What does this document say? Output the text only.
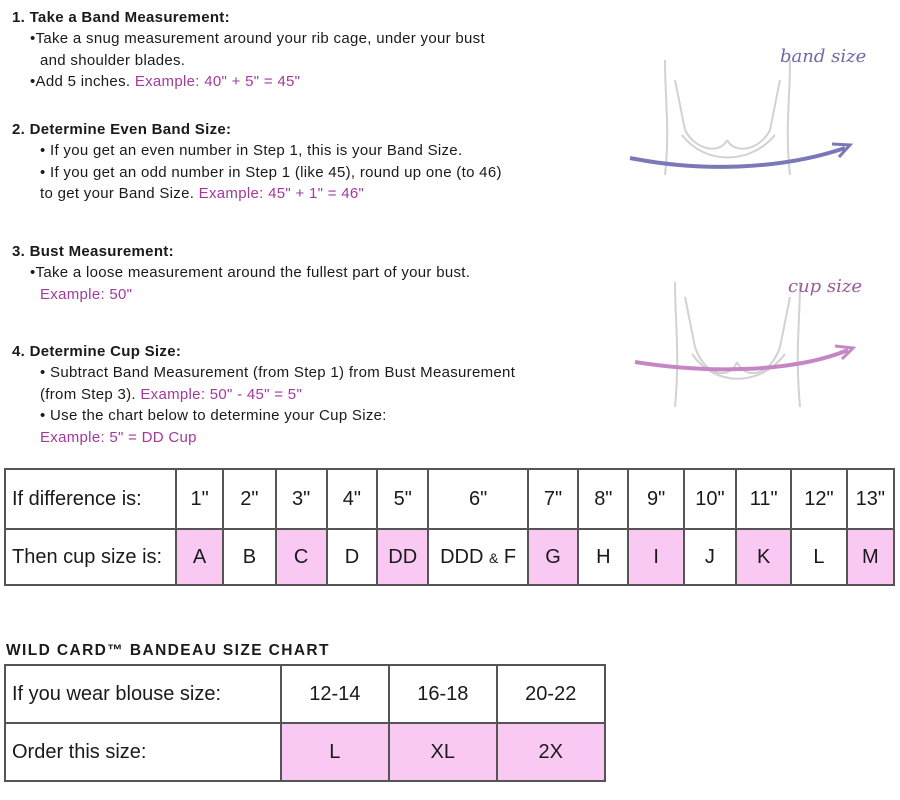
1. Take a Band Measurement:
•Take a snug measurement around your rib cage, under your bust
and shoulder blades.
•Add 5 inches. Example: 40" + 5" = 45"
2. Determine Even Band Size:
• If you get an even number in Step 1, this is your Band Size.
• If you get an odd number in Step 1 (like 45), round up one (to 46)
to get your Band Size. Example: 45" + 1" = 46"
3. Bust Measurement:
•Take a loose measurement around the fullest part of your bust.
Example: 50"
4. Determine Cup Size:
• Subtract Band Measurement (from Step 1) from Bust Measurement
(from Step 3). Example: 50" - 45" = 5"
• Use the chart below to determine your Cup Size:
Example: 5" = DD Cup
band size
cup size
If difference is:	1"	2"	3"	4"	5"	6"	7"	8"	9"	10"	11"	12"	13"
Then cup size is:	A	B	C	D	DD	DDD & F	G	H	I	J	K	L	M
WILD CARD™ BANDEAU SIZE CHART
If you wear blouse size:	12-14	16-18	20-22
Order this size:	L	XL	2X
